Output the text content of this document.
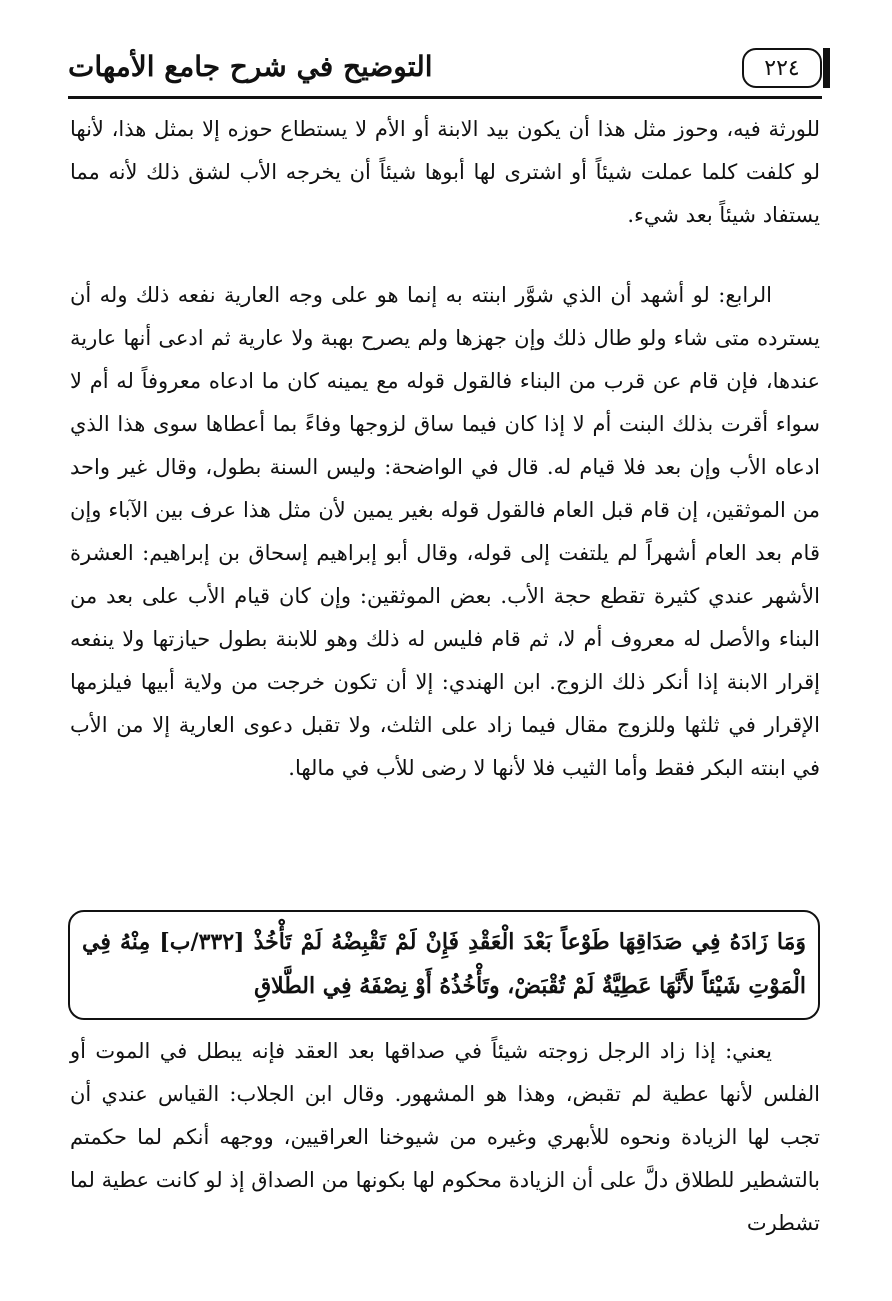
٢٢٤
التوضيح في شرح جامع الأمهات
للورثة فيه، وحوز مثل هذا أن يكون بيد الابنة أو الأم لا يستطاع حوزه إلا بمثل هذا، لأنها لو كلفت كلما عملت شيئاً أو اشترى لها أبوها شيئاً أن يخرجه الأب لشق ذلك لأنه مما يستفاد شيئاً بعد شيء.
الرابع: لو أشهد أن الذي شوَّر ابنته به إنما هو على وجه العارية نفعه ذلك وله أن يسترده متى شاء ولو طال ذلك وإن جهزها ولم يصرح بهبة ولا عارية ثم ادعى أنها عارية عندها، فإن قام عن قرب من البناء فالقول قوله مع يمينه كان ما ادعاه معروفاً له أم لا سواء أقرت بذلك البنت أم لا إذا كان فيما ساق لزوجها وفاءً بما أعطاها سوى هذا الذي ادعاه الأب وإن بعد فلا قيام له. قال في الواضحة: وليس السنة بطول، وقال غير واحد من الموثقين، إن قام قبل العام فالقول قوله بغير يمين لأن مثل هذا عرف بين الآباء وإن قام بعد العام أشهراً لم يلتفت إلى قوله، وقال أبو إبراهيم إسحاق بن إبراهيم: العشرة الأشهر عندي كثيرة تقطع حجة الأب. بعض الموثقين: وإن كان قيام الأب على بعد من البناء والأصل له معروف أم لا، ثم قام فليس له ذلك وهو للابنة بطول حيازتها ولا ينفعه إقرار الابنة إذا أنكر ذلك الزوج. ابن الهندي: إلا أن تكون خرجت من ولاية أبيها فيلزمها الإقرار في ثلثها وللزوج مقال فيما زاد على الثلث، ولا تقبل دعوى العارية إلا من الأب في ابنته البكر فقط وأما الثيب فلا لأنها لا رضى للأب في مالها.
وَمَا زَادَهُ فِي صَدَاقِهَا طَوْعاً بَعْدَ الْعَقْدِ فَإِنْ لَمْ تَقْبِضْهُ لَمْ تَأْخُذْ [٣٣٢/ب] مِنْهُ فِي الْمَوْتِ شَيْئاً لأَنَّهَا عَطِيَّةٌ لَمْ تُقْبَضْ، وتَأْخُذُهُ أَوْ نِصْفَهُ فِي الطَّلاقِ
يعني: إذا زاد الرجل زوجته شيئاً في صداقها بعد العقد فإنه يبطل في الموت أو الفلس لأنها عطية لم تقبض، وهذا هو المشهور. وقال ابن الجلاب: القياس عندي أن تجب لها الزيادة ونحوه للأبهري وغيره من شيوخنا العراقيين، ووجهه أنكم لما حكمتم بالتشطير للطلاق دلَّ على أن الزيادة محكوم لها بكونها من الصداق إذ لو كانت عطية لما تشطرت
